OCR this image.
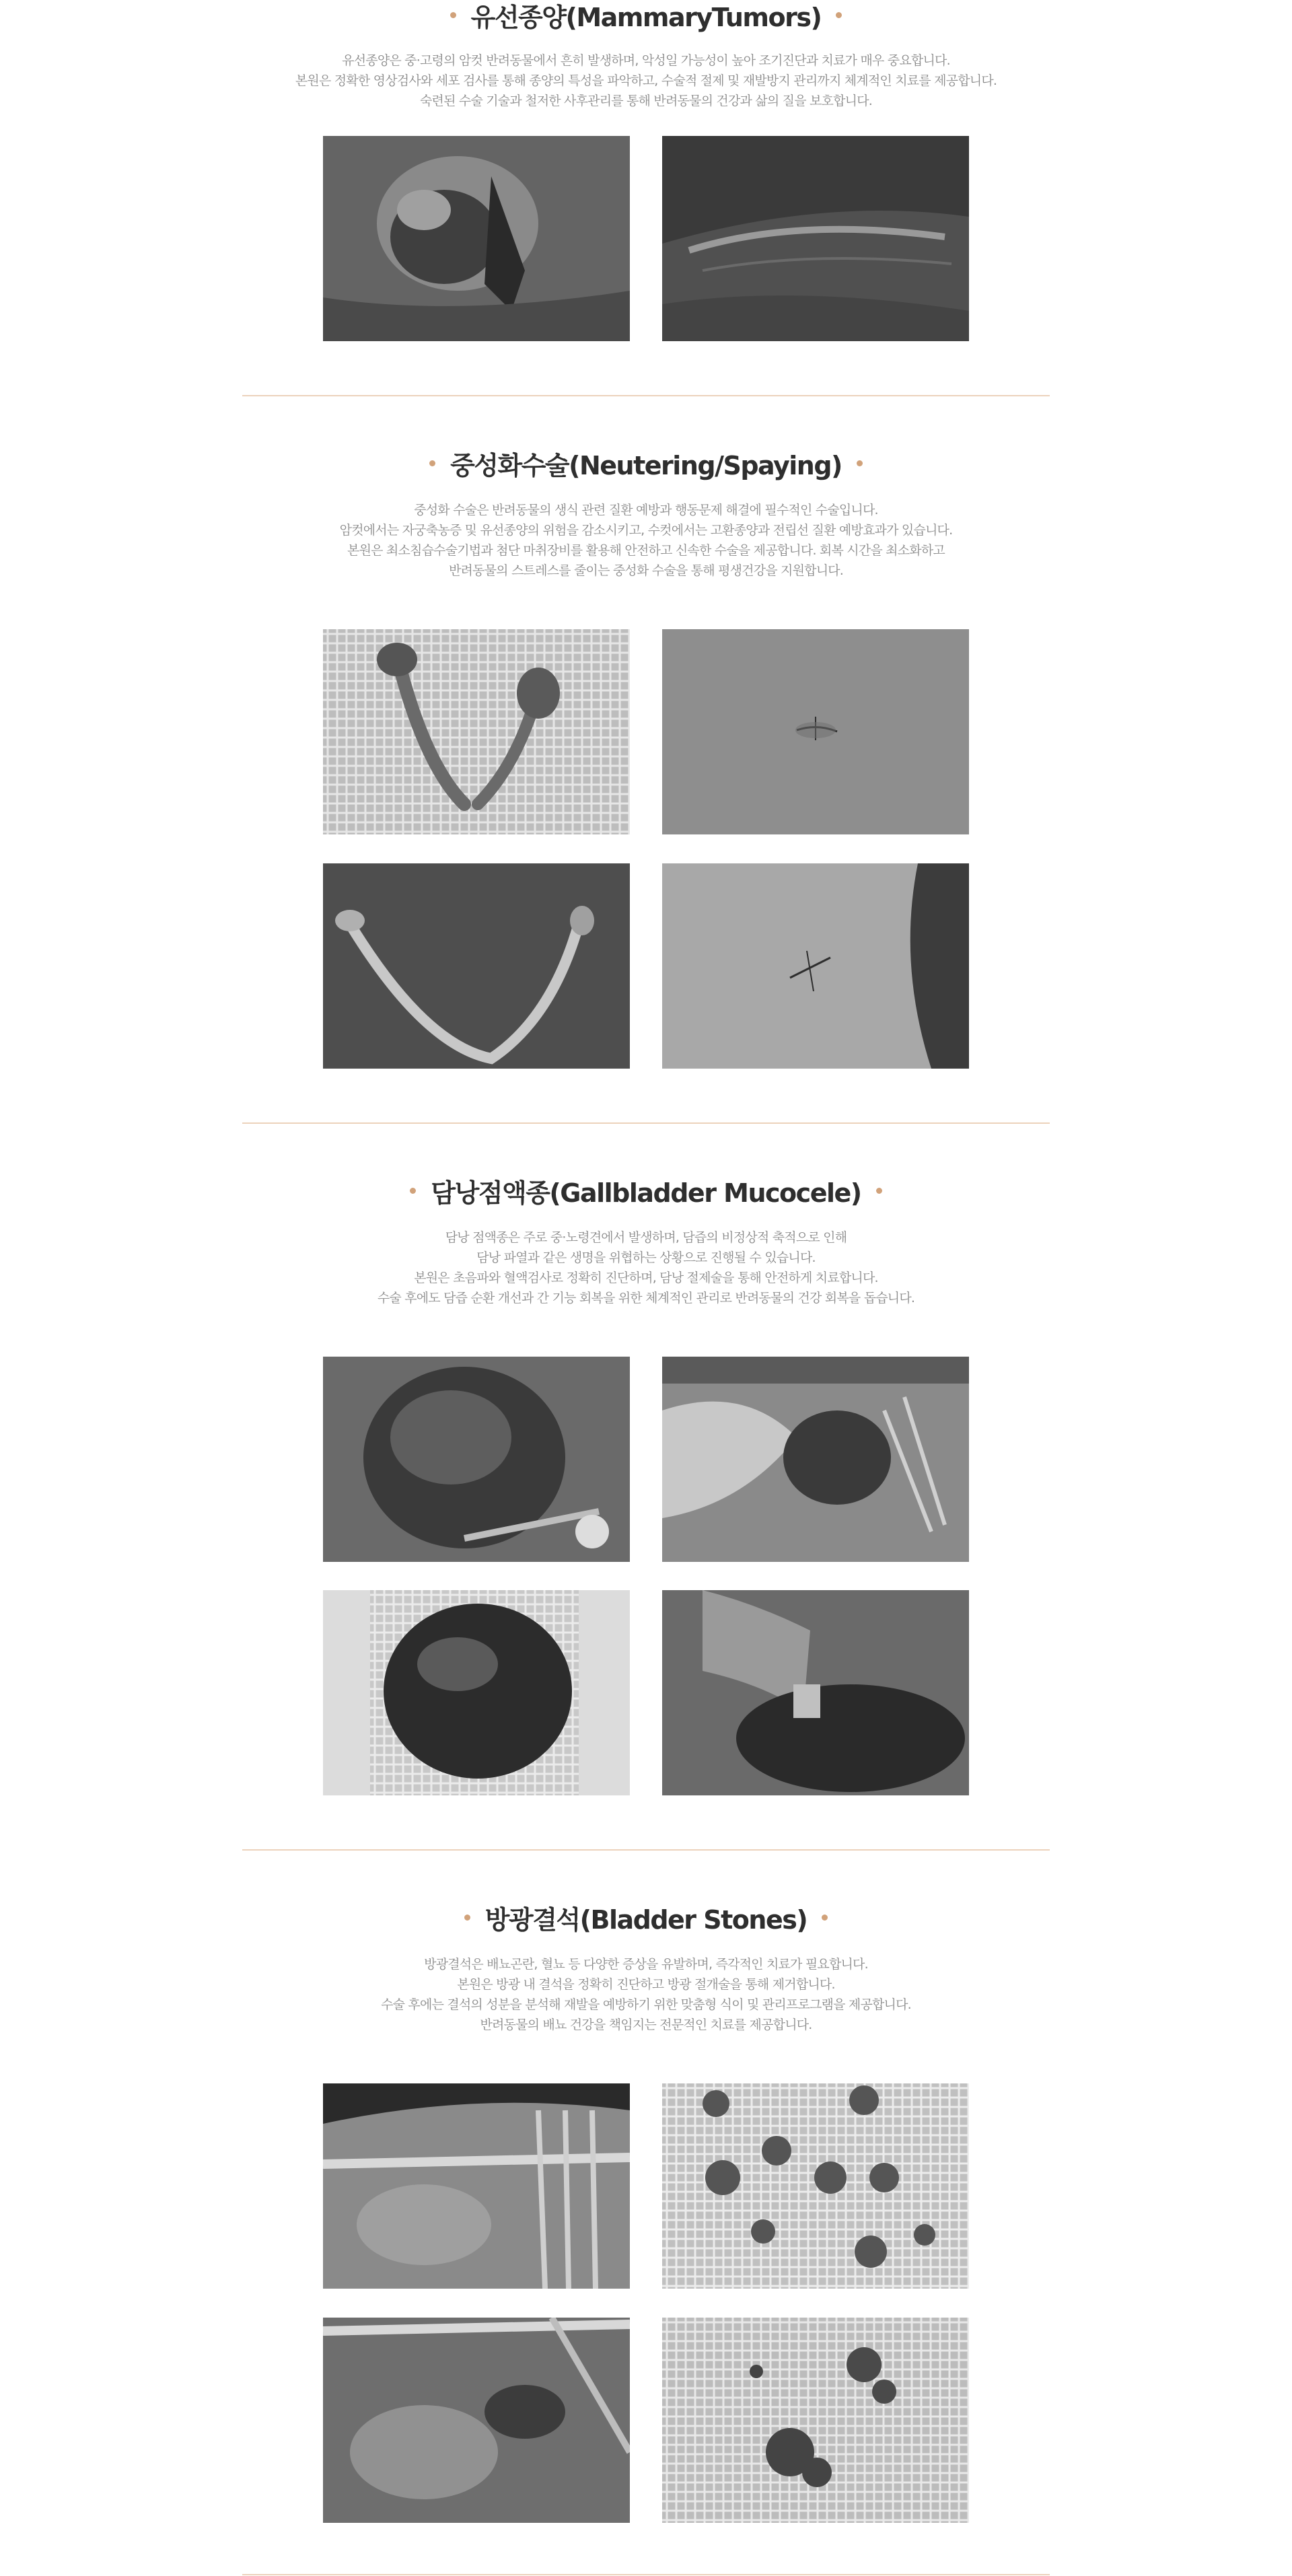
유선종양(MammaryTumors)

유선종양은 중·고령의 암컷 반려동물에서 흔히 발생하며, 악성일 가능성이 높아 조기진단과 치료가 매우 중요합니다.

본원은 정확한 영상검사와 세포 검사를 통해 종양의 특성을 파악하고, 수술적 절제 및 재발방지 관리까지 체계적인 치료를 제공합니다.

숙련된 수술 기술과 철저한 사후관리를 통해 반려동물의 건강과 삶의 질을 보호합니다.

중성화수술(Neutering/Spaying)

중성화 수술은 반려동물의 생식 관련 질환 예방과 행동문제 해결에 필수적인 수술입니다.

암컷에서는 자궁축농증 및 유선종양의 위험을 감소시키고, 수컷에서는 고환종양과 전립선 질환 예방효과가 있습니다.

본원은 최소침습수술기법과 첨단 마취장비를 활용해 안전하고 신속한 수술을 제공합니다. 회복 시간을 최소화하고

반려동물의 스트레스를 줄이는 중성화 수술을 통해 평생건강을 지원합니다.

담낭점액종(Gallbladder Mucocele)

담낭 점액종은 주로 중·노령견에서 발생하며, 담즙의 비정상적 축적으로 인해

담낭 파열과 같은 생명을 위협하는 상황으로 진행될 수 있습니다.

본원은 초음파와 혈액검사로 정확히 진단하며, 담낭 절제술을 통해 안전하게 치료합니다.

수술 후에도 담즙 순환 개선과 간 기능 회복을 위한 체계적인 관리로 반려동물의 건강 회복을 돕습니다.

방광결석(Bladder Stones)

방광결석은 배뇨곤란, 혈뇨 등 다양한 증상을 유발하며, 즉각적인 치료가 필요합니다.

본원은 방광 내 결석을 정확히 진단하고 방광 절개술을 통해 제거합니다.

수술 후에는 결석의 성분을 분석해 재발을 예방하기 위한 맞춤형 식이 및 관리프로그램을 제공합니다.

반려동물의 배뇨 건강을 책임지는 전문적인 치료를 제공합니다.
